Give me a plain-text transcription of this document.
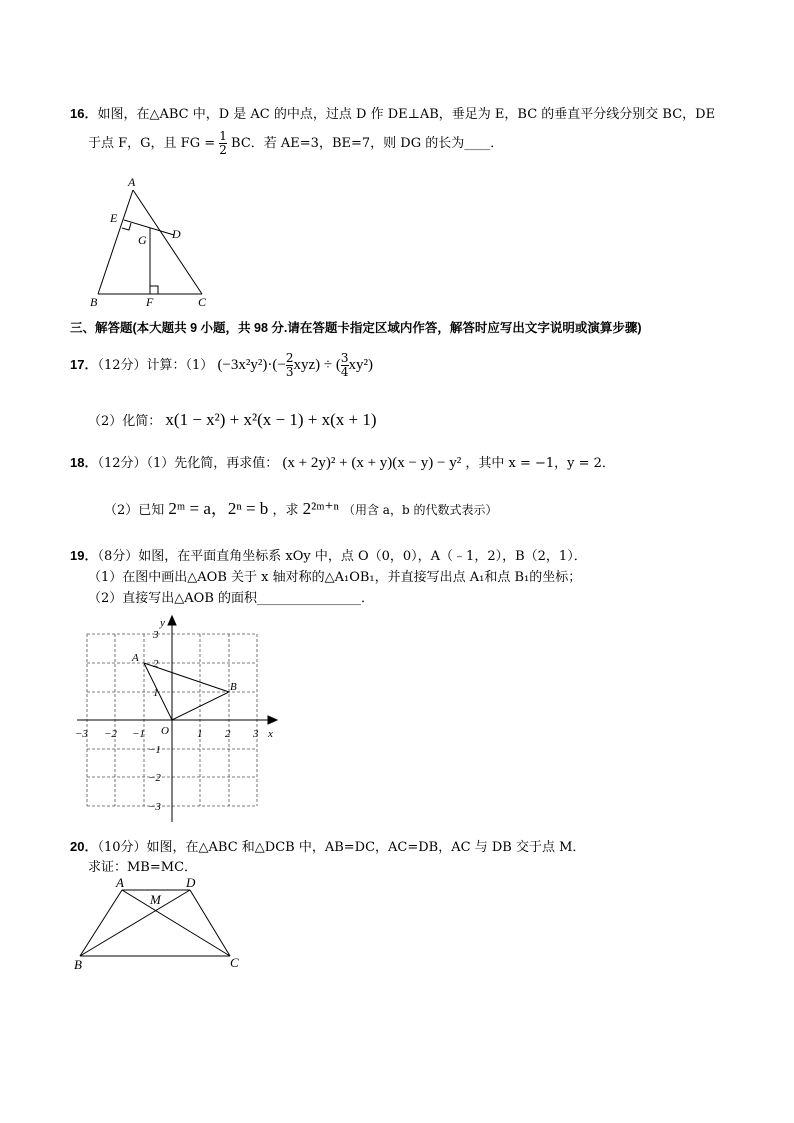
16．如图，在△ABC 中，D 是 AC 的中点，过点 D 作 DE⊥AB，垂足为 E，BC 的垂直平分线分别交 BC，DE
于点 F，G，且 FG = $\frac{1}{2}$ BC．若 AE=3，BE=7，则 DG 的长为____．
A
E
G D
B	F	C
三、解答题(本大题共 9 小题，共 98 分.请在答题卡指定区域内作答，解答时应写出文字说明或演算步骤)
17．（12分）计算：（1） $(-3x^2y^2)\cdot(- \frac{2}{3} xyz)$ ÷ ( $\frac{3}{4} xy^2$)
（2）化简： x(1 − x²) + x²(x − 1) + x(x + 1)
18．（12分）（1）先化简，再求值： (x + 2y)² + (x + y)(x − y) − y² ，其中 x = −1，y = 2．
（2）已知 2ᵐ = a，2ⁿ = b ，求 2²ᵐ⁺ⁿ （用含 a，b 的代数式表示）
19．（8分）如图，在平面直角坐标系 xOy 中，点 O（0，0），A（﹣1，2），B（2，1）．
（1）在图中画出△AOB 关于 x 轴对称的△A₁OB₁，并直接写出点 A₁和点 B₁的坐标；
（2）直接写出△AOB 的面积________________．
−3 −2 −1	1 2 3 x
y
3
2
1
−1
−2
−3
O
A
B
20．（10分）如图，在△ABC 和△DCB 中，AB=DC，AC=DB，AC 与 DB 交于点 M．
求证：MB=MC．
A	D
M
B	C
